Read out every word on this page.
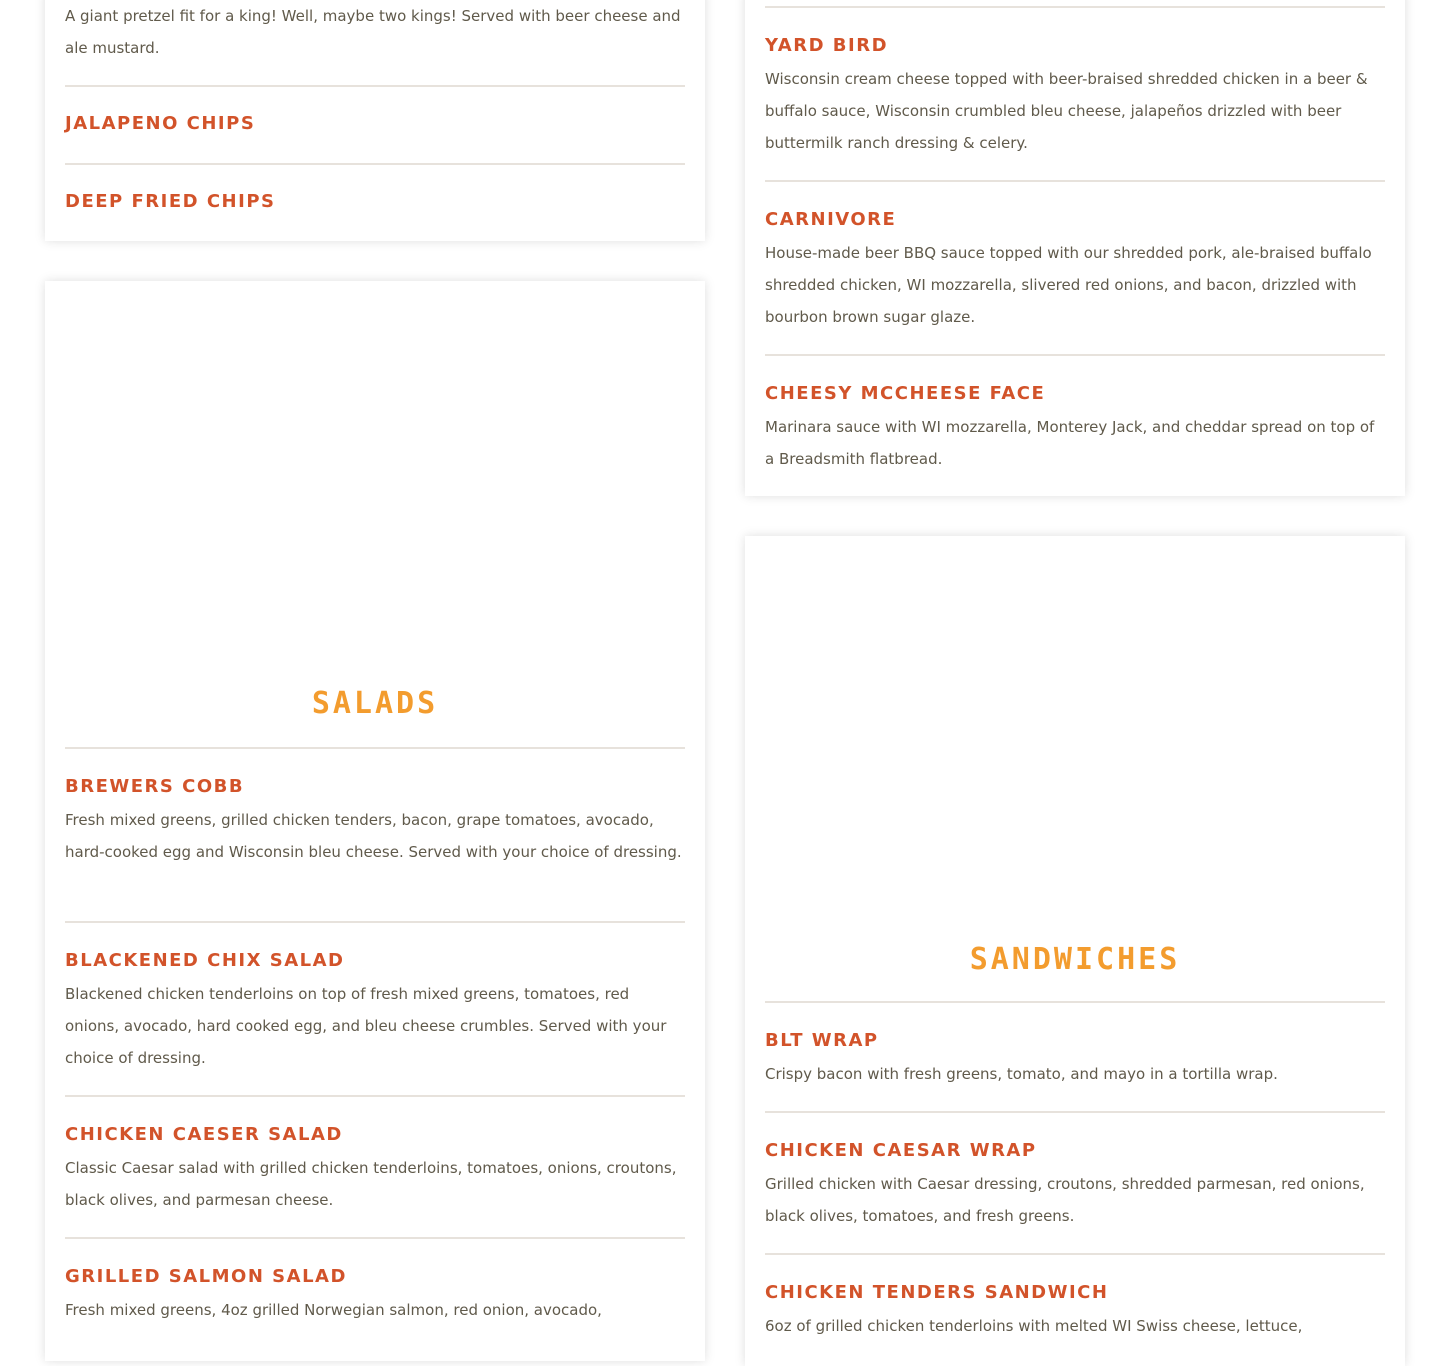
A giant pretzel fit for a king! Well, maybe two kings! Served with beer cheese and ale mustard.

JALAPENO CHIPS
DEEP FRIED CHIPS
YARD BIRD

Wisconsin cream cheese topped with beer-braised shredded chicken in a beer & buffalo sauce, Wisconsin crumbled bleu cheese, jalapeños drizzled with beer buttermilk ranch dressing & celery.

CARNIVORE

House-made beer BBQ sauce topped with our shredded pork, ale-braised buffalo shredded chicken, WI mozzarella, slivered red onions, and bacon, drizzled with bourbon brown sugar glaze.

CHEESY MCCHEESE FACE

Marinara sauce with WI mozzarella, Monterey Jack, and cheddar spread on top of a Breadsmith flatbread.

SALADS
BREWERS COBB

Fresh mixed greens, grilled chicken tenders, bacon, grape tomatoes, avocado, hard-cooked egg and Wisconsin bleu cheese. Served with your choice of dressing.

BLACKENED CHIX SALAD

Blackened chicken tenderloins on top of fresh mixed greens, tomatoes, red onions, avocado, hard cooked egg, and bleu cheese crumbles. Served with your choice of dressing.

CHICKEN CAESER SALAD

Classic Caesar salad with grilled chicken tenderloins, tomatoes, onions, croutons, black olives, and parmesan cheese.

GRILLED SALMON SALAD

Fresh mixed greens, 4oz grilled Norwegian salmon, red onion, avocado,

SANDWICHES
BLT WRAP

Crispy bacon with fresh greens, tomato, and mayo in a tortilla wrap.

CHICKEN CAESAR WRAP

Grilled chicken with Caesar dressing, croutons, shredded parmesan, red onions, black olives, tomatoes, and fresh greens.

CHICKEN TENDERS SANDWICH

6oz of grilled chicken tenderloins with melted WI Swiss cheese, lettuce,
